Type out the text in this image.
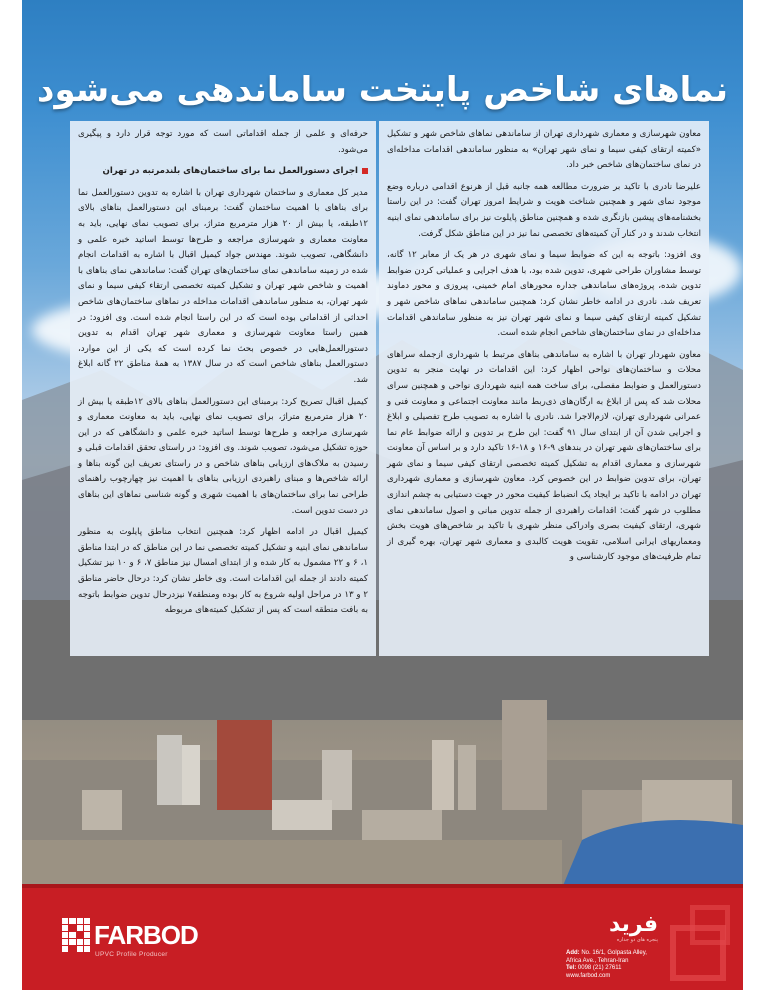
نماهای شاخص پایتخت ساماندهی می‌شود

معاون شهرسازی و معماری شهرداری تهران از ساماندهی نماهای شاخص شهر و تشکیل «کمیته ارتقای کیفی سیما و نمای شهر تهران» به منظور ساماندهی اقدامات مداخله‌ای در نمای ساختمان‌های شاخص خبر داد.

علیرضا نادری با تاکید بر ضرورت مطالعه همه جانبه قبل از هرنوع اقدامی درباره وضع موجود نمای شهر و همچنین شناخت هویت و شرایط امروز تهران گفت: در این راستا بخشنامه‌های پیشین بازنگری شده و همچنین مناطق پایلوت نیز برای ساماندهی نمای ابنیه انتخاب شدند و در کنار آن کمیته‌های تخصصی نما نیز در این مناطق شکل گرفت.

وی افزود: باتوجه به این که ضوابط سیما و نمای شهری در هر یک از معابر ۱۲ گانه، توسط مشاوران طراحی شهری، تدوین شده بود، با هدف اجرایی و عملیاتی کردن ضوابط تدوین شده، پروژه‌های ساماندهی جداره محورهای امام خمینی، پیروزی و محور دماوند تعریف شد. نادری در ادامه خاطر نشان کرد: همچنین ساماندهی نماهای شاخص شهر و تشکیل کمیته ارتقای کیفی سیما و نمای شهر تهران نیز به منظور ساماندهی اقدامات مداخله‌ای در نمای ساختمان‌های شاخص انجام شده است.

معاون شهردار تهران با اشاره به ساماندهی بناهای مرتبط با شهرداری ازجمله سراهای محلات و ساختمان‌های نواحی اظهار کرد: این اقدامات در نهایت منجر به تدوین دستورالعمل و ضوابط مفصلی، برای ساخت همه ابنیه شهرداری نواحی و همچنین سرای محلات شد که پس از ابلاغ به ارگان‌های ذی‌ربط مانند معاونت اجتماعی و معاونت فنی و عمرانی شهرداری تهران، لازم‌الاجرا شد. نادری با اشاره به تصویب طرح تفصیلی و ابلاغ و اجرایی شدن آن از ابتدای سال ۹۱ گفت: این طرح بر تدوین و ارائه ضوابط عام نما برای ساختمان‌های شهر تهران در بندهای ۹-۱۶ و ۱۸-۱۶ تاکید دارد و بر اساس آن معاونت شهرسازی و معماری اقدام به تشکیل کمیته تخصصی ارتقای کیفی سیما و نمای شهر تهران، برای تدوین ضوابط در این خصوص کرد. معاون شهرسازی و معماری شهرداری تهران در ادامه با تاکید بر ایجاد یک انضباط کیفیت محور در جهت دستیابی به چشم اندازی مطلوب در شهر گفت: اقدامات راهبردی از جمله تدوین مبانی و اصول ساماندهی نمای شهری، ارتقای کیفیت بصری وادراکی منظر شهری با تاکید بر شاخص‌های هویت بخش ومعماریهای ایرانی اسلامی، تقویت هویت کالبدی و معماری شهر تهران، بهره گیری از تمام ظرفیت‌های موجود کارشناسی و

حرفه‌ای و علمی از جمله اقداماتی است که مورد توجه قرار دارد و پیگیری می‌شود.

اجرای دستورالعمل نما برای ساختمان‌های بلندمرتبه در تهران

مدیر کل معماری و ساختمان شهرداری تهران با اشاره به تدوین دستورالعمل نما برای بناهای با اهمیت ساختمان گفت: برمبنای این دستورالعمل بناهای بالای ۱۲طبقه، یا بیش از ۲۰ هزار مترمربع متراژ، برای تصویب نمای نهایی، باید به معاونت معماری و شهرسازی مراجعه و طرح‌ها توسط اساتید خبره علمی و دانشگاهی، تصویب شوند. مهندس جواد کیمیل اقبال با اشاره به اقدامات انجام شده در زمینه ساماندهی نمای ساختمان‌های تهران گفت: ساماندهی نمای بناهای با اهمیت و شاخص شهر تهران و تشکیل کمیته تخصصی ارتقاء کیفی سیما و نمای شهر تهران، به منظور ساماندهی اقدامات مداخله در نماهای ساختمان‌های شاخص احداثی از اقداماتی بوده است که در این راستا انجام شده است. وی افزود: در همین راستا معاونت شهرسازی و معماری شهر تهران اقدام به تدوین دستورالعمل‌هایی در خصوص بحث نما کرده است که یکی از این موارد، دستورالعمل بناهای شاخص است که در سال ۱۳۸۷ به همهٔ مناطق ۲۲ گانه ابلاغ شد.

کیمیل اقبال تصریح کرد: برمبنای این دستورالعمل بناهای بالای ۱۲طبقه یا بیش از ۲۰ هزار مترمربع متراژ، برای تصویب نمای نهایی، باید به معاونت معماری و شهرسازی مراجعه و طرح‌ها توسط اساتید خبره علمی و دانشگاهی که در این حوزه تشکیل می‌شود، تصویب شوند. وی افزود: در راستای تحقق اقدامات قبلی و رسیدن به ملاک‌های ارزیابی بناهای شاخص و در راستای تعریف این گونه بناها و ارائه شاخص‌ها و مبنای راهبردی ارزیابی بناهای با اهمیت نیز چهارچوب راهنمای طراحی نما برای ساختمان‌های با اهمیت شهری و گونه شناسی نماهای این بناهای در دست تدوین است.

کیمیل اقبال در ادامه اظهار کرد: همچنین انتخاب مناطق پایلوت به منظور ساماندهی نمای ابنیه و تشکیل کمیته تخصصی نما در این مناطق که در ابتدا مناطق ۱، ۶ و ۲۲ مشمول به کار شده و از ابتدای امسال نیز مناطق ۷، ۶ و ۱۰ نیز تشکیل کمیته دادند از جمله این اقدامات است. وی خاطر نشان کرد: درحال حاضر مناطق ۲ و ۱۳ در مراحل اولیه شروع به کار بوده ومنطقه۷ نیزدرحال تدوین ضوابط باتوجه به بافت منطقه است که پس از تشکیل کمیته‌های مربوطه

FARBOD
UPVC Profile Producer
فرید
پنجره های دو جداره
Add: No. 16/1, Golpasta Alley,
Africa Ave., Tehran-Iran
Tel: 0098 (21) 27611
www.farbod.com
